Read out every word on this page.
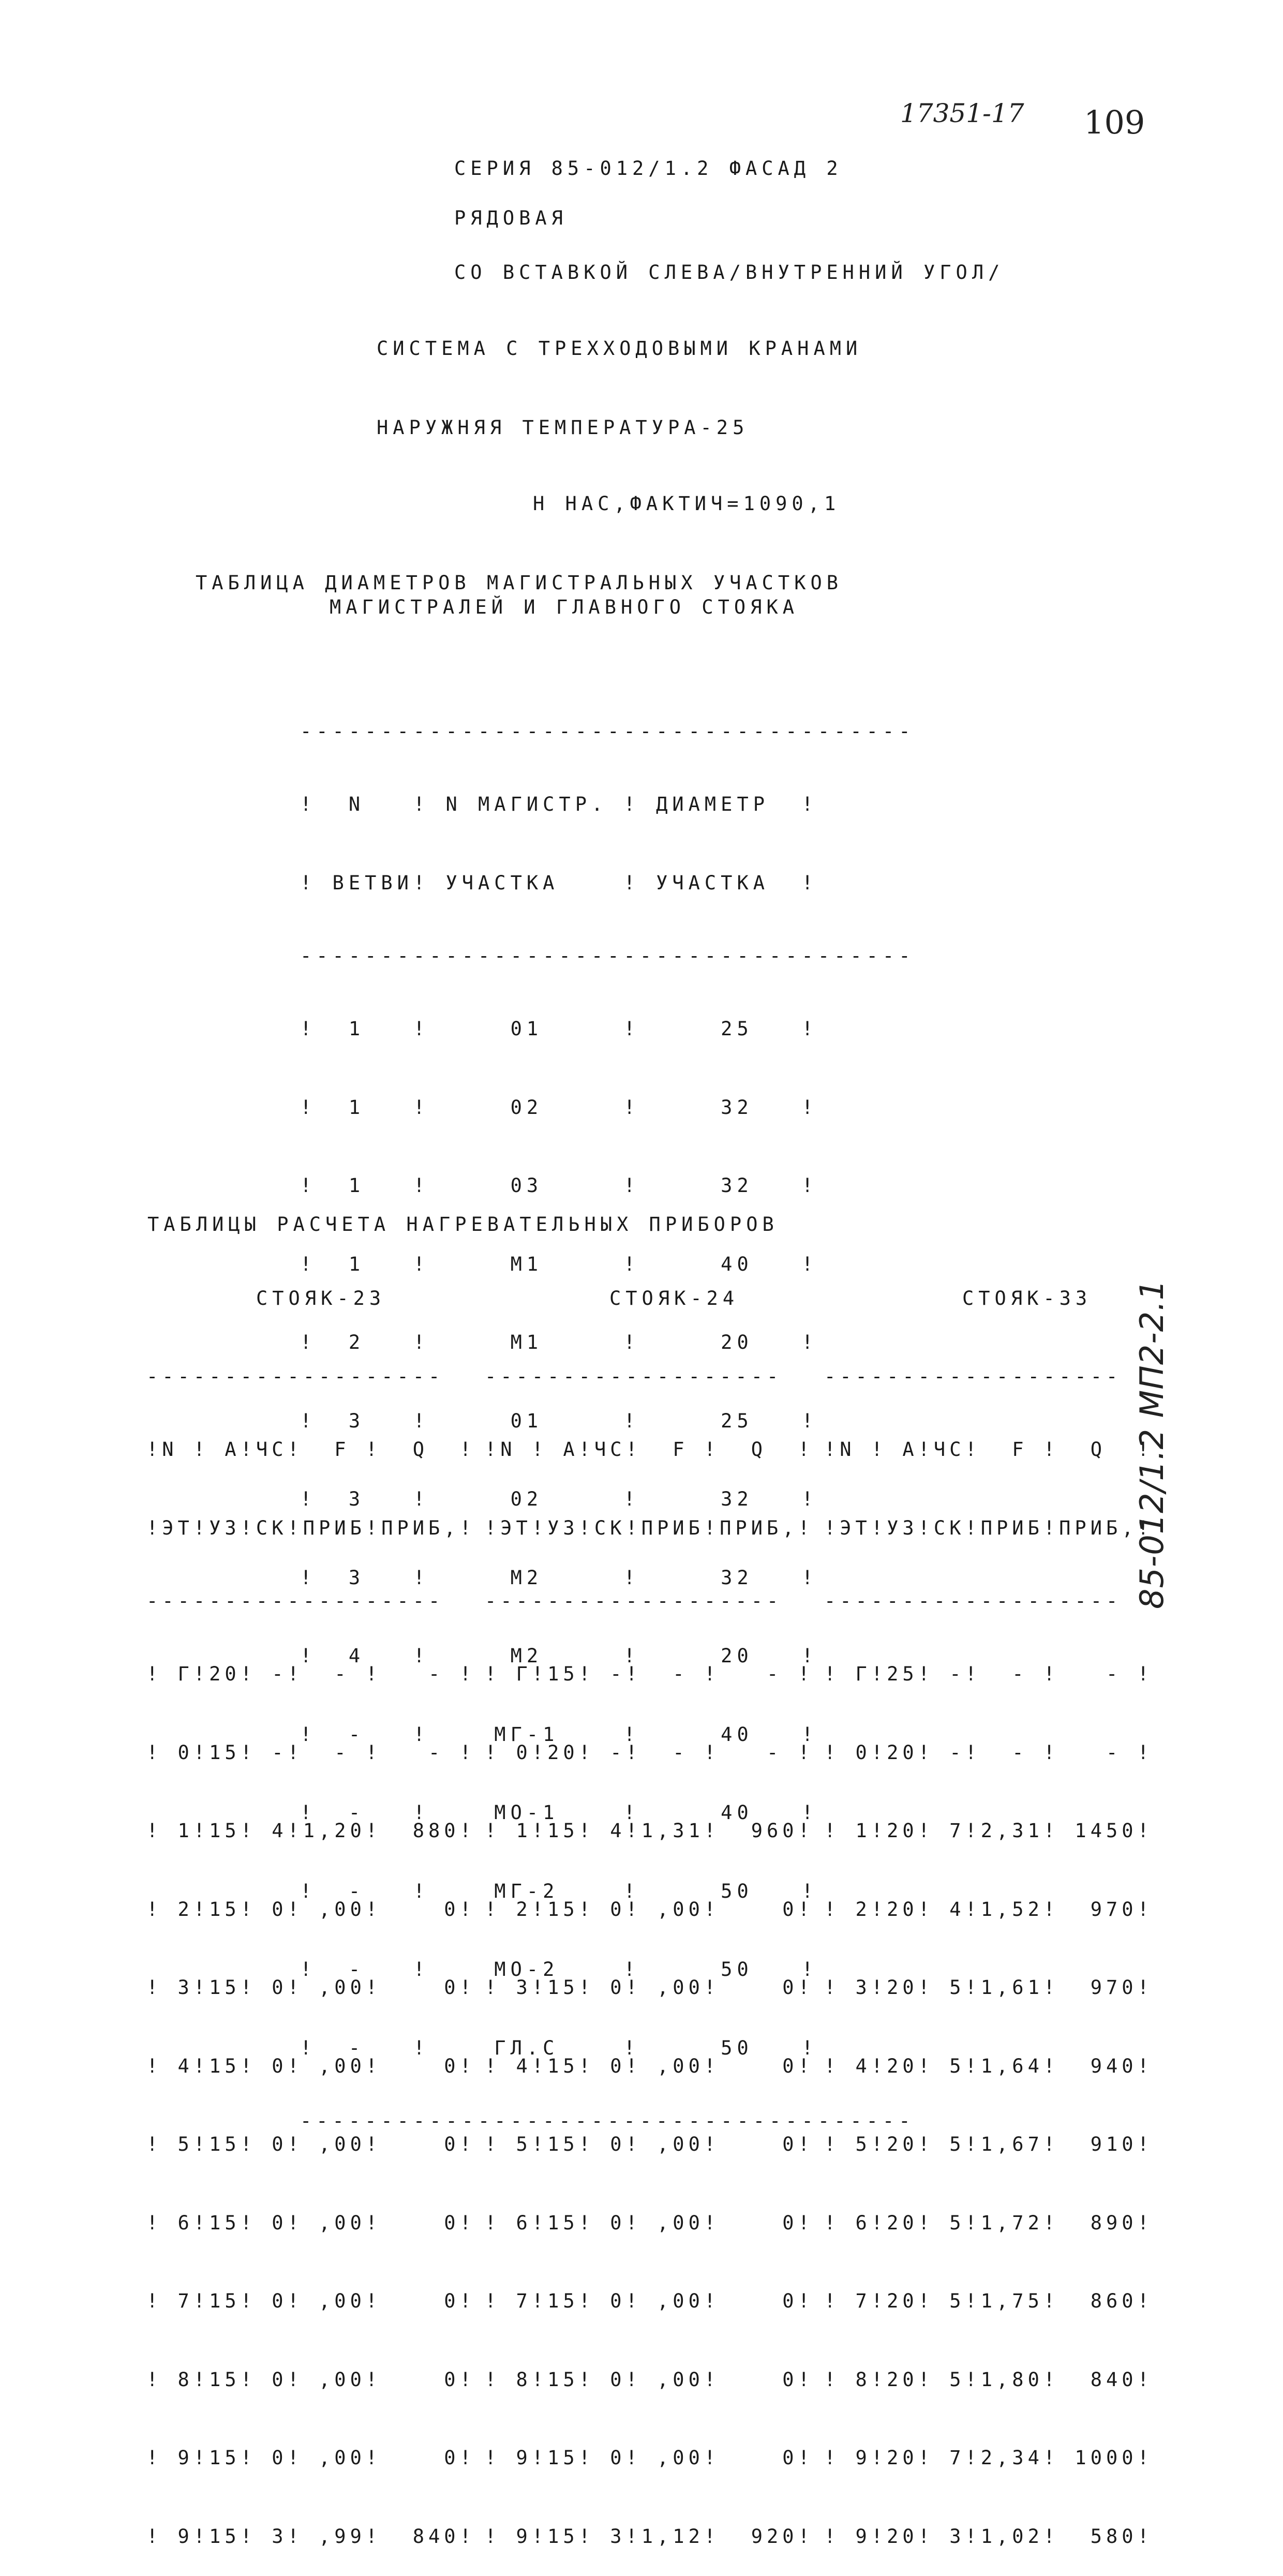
17351-17 109
СЕРИЯ 85-012/1.2 ФАСАД 2
РЯДОВАЯ
СО ВСТАВКОЙ СЛЕВА/ВНУТРЕННИЙ УГОЛ/
СИСТЕМА С ТРЕХХОДОВЫМИ КРАНАМИ
НАРУЖНЯЯ ТЕМПЕРАТУРА-25
Н НАС,ФАКТИЧ=1090,1
ТАБЛИЦА ДИАМЕТРОВ МАГИСТРАЛЬНЫХ УЧАСТКОВ
МАГИСТРАЛЕЙ И ГЛАВНОГО СТОЯКА

--------------------------------------

!  N   ! N МАГИСТР. ! ДИАМЕТР  !

! ВЕТВИ! УЧАСТКА    ! УЧАСТКА  !

--------------------------------------

!  1   !     01     !     25   !

!  1   !     02     !     32   !

!  1   !     03     !     32   !

!  1   !     М1     !     40   !

!  2   !     М1     !     20   !

!  3   !     01     !     25   !

!  3   !     02     !     32   !

!  3   !     М2     !     32   !

!  4   !     М2     !     20   !

!  -   !    МГ-1    !     40   !

!  -   !    МО-1    !     40   !

!  -   !    МГ-2    !     50   !

!  -   !    МО-2    !     50   !

!  -   !    ГЛ.С    !     50   !

--------------------------------------

ТАБЛИЦЫ РАСЧЕТА НАГРЕВАТЕЛЬНЫХ ПРИБОРОВ
СТОЯК-23

-------------------

!N ! А!ЧС!  F !  Q  !

!ЭТ!УЗ!СК!ПРИБ!ПРИБ,!

-------------------

! Г!20! -!  - !   - !

! 0!15! -!  - !   - !

! 1!15! 4!1,20!  880!

! 2!15! 0! ,00!    0!

! 3!15! 0! ,00!    0!

! 4!15! 0! ,00!    0!

! 5!15! 0! ,00!    0!

! 6!15! 0! ,00!    0!

! 7!15! 0! ,00!    0!

! 8!15! 0! ,00!    0!

! 9!15! 0! ,00!    0!

! 9!15! 3! ,99!  840!

СТОЯК-24

-------------------

!N ! А!ЧС!  F !  Q  !

!ЭТ!УЗ!СК!ПРИБ!ПРИБ,!

-------------------

! Г!15! -!  - !   - !

! 0!20! -!  - !   - !

! 1!15! 4!1,31!  960!

! 2!15! 0! ,00!    0!

! 3!15! 0! ,00!    0!

! 4!15! 0! ,00!    0!

! 5!15! 0! ,00!    0!

! 6!15! 0! ,00!    0!

! 7!15! 0! ,00!    0!

! 8!15! 0! ,00!    0!

! 9!15! 0! ,00!    0!

! 9!15! 3!1,12!  920!

СТОЯК-33

-------------------

!N ! А!ЧС!  F !  Q  !

!ЭТ!УЗ!СК!ПРИБ!ПРИБ,!

-------------------

! Г!25! -!  - !   - !

! 0!20! -!  - !   - !

! 1!20! 7!2,31! 1450!

! 2!20! 4!1,52!  970!

! 3!20! 5!1,61!  970!

! 4!20! 5!1,64!  940!

! 5!20! 5!1,67!  910!

! 6!20! 5!1,72!  890!

! 7!20! 5!1,75!  860!

! 8!20! 5!1,80!  840!

! 9!20! 7!2,34! 1000!

! 9!20! 3!1,02!  580!

85-012/1.2 МП2-2.1
